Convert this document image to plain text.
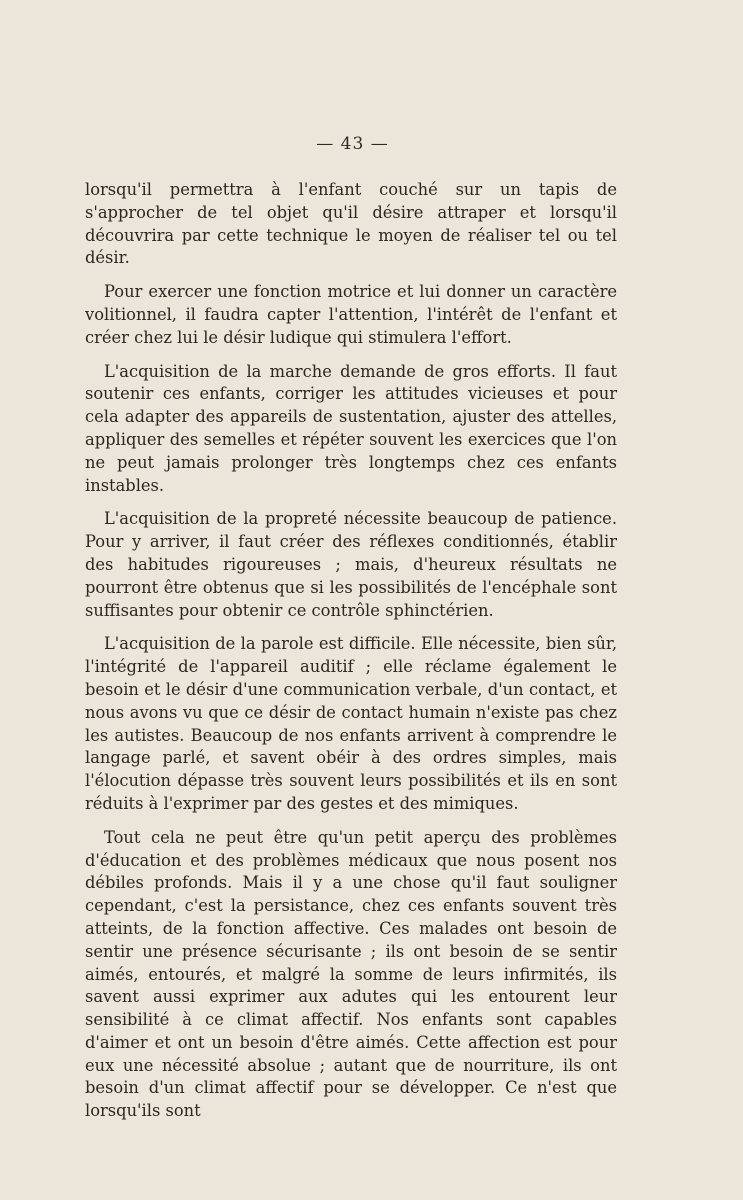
— 43 —

lorsqu'il permettra à l'enfant couché sur un tapis de s'approcher de tel objet qu'il désire attraper et lorsqu'il découvrira par cette technique le moyen de réaliser tel ou tel désir.

Pour exercer une fonction motrice et lui donner un caractère volitionnel, il faudra capter l'attention, l'intérêt de l'enfant et créer chez lui le désir ludique qui stimulera l'effort.

L'acquisition de la marche demande de gros efforts. Il faut soutenir ces enfants, corriger les attitudes vicieuses et pour cela adapter des appareils de sustentation, ajuster des attelles, appliquer des semelles et répéter souvent les exercices que l'on ne peut jamais prolonger très longtemps chez ces enfants instables.

L'acquisition de la propreté nécessite beaucoup de patience. Pour y arriver, il faut créer des réflexes conditionnés, établir des habitudes rigoureuses ; mais, d'heureux résultats ne pourront être obtenus que si les possibilités de l'encéphale sont suffisantes pour obtenir ce contrôle sphinctérien.

L'acquisition de la parole est difficile. Elle nécessite, bien sûr, l'intégrité de l'appareil auditif ; elle réclame également le besoin et le désir d'une communication verbale, d'un contact, et nous avons vu que ce désir de contact humain n'existe pas chez les autistes. Beaucoup de nos enfants arrivent à comprendre le langage parlé, et savent obéir à des ordres simples, mais l'élocution dépasse très souvent leurs possibilités et ils en sont réduits à l'exprimer par des gestes et des mimiques.

Tout cela ne peut être qu'un petit aperçu des problèmes d'éducation et des problèmes médicaux que nous posent nos débiles profonds. Mais il y a une chose qu'il faut souligner cependant, c'est la persistance, chez ces enfants souvent très atteints, de la fonction affective. Ces malades ont besoin de sentir une présence sécurisante ; ils ont besoin de se sentir aimés, entourés, et malgré la somme de leurs infirmités, ils savent aussi exprimer aux adutes qui les entourent leur sensibilité à ce climat affectif. Nos enfants sont capables d'aimer et ont un besoin d'être aimés. Cette affection est pour eux une nécessité absolue ; autant que de nourriture, ils ont besoin d'un climat affectif pour se développer. Ce n'est que lorsqu'ils sont
